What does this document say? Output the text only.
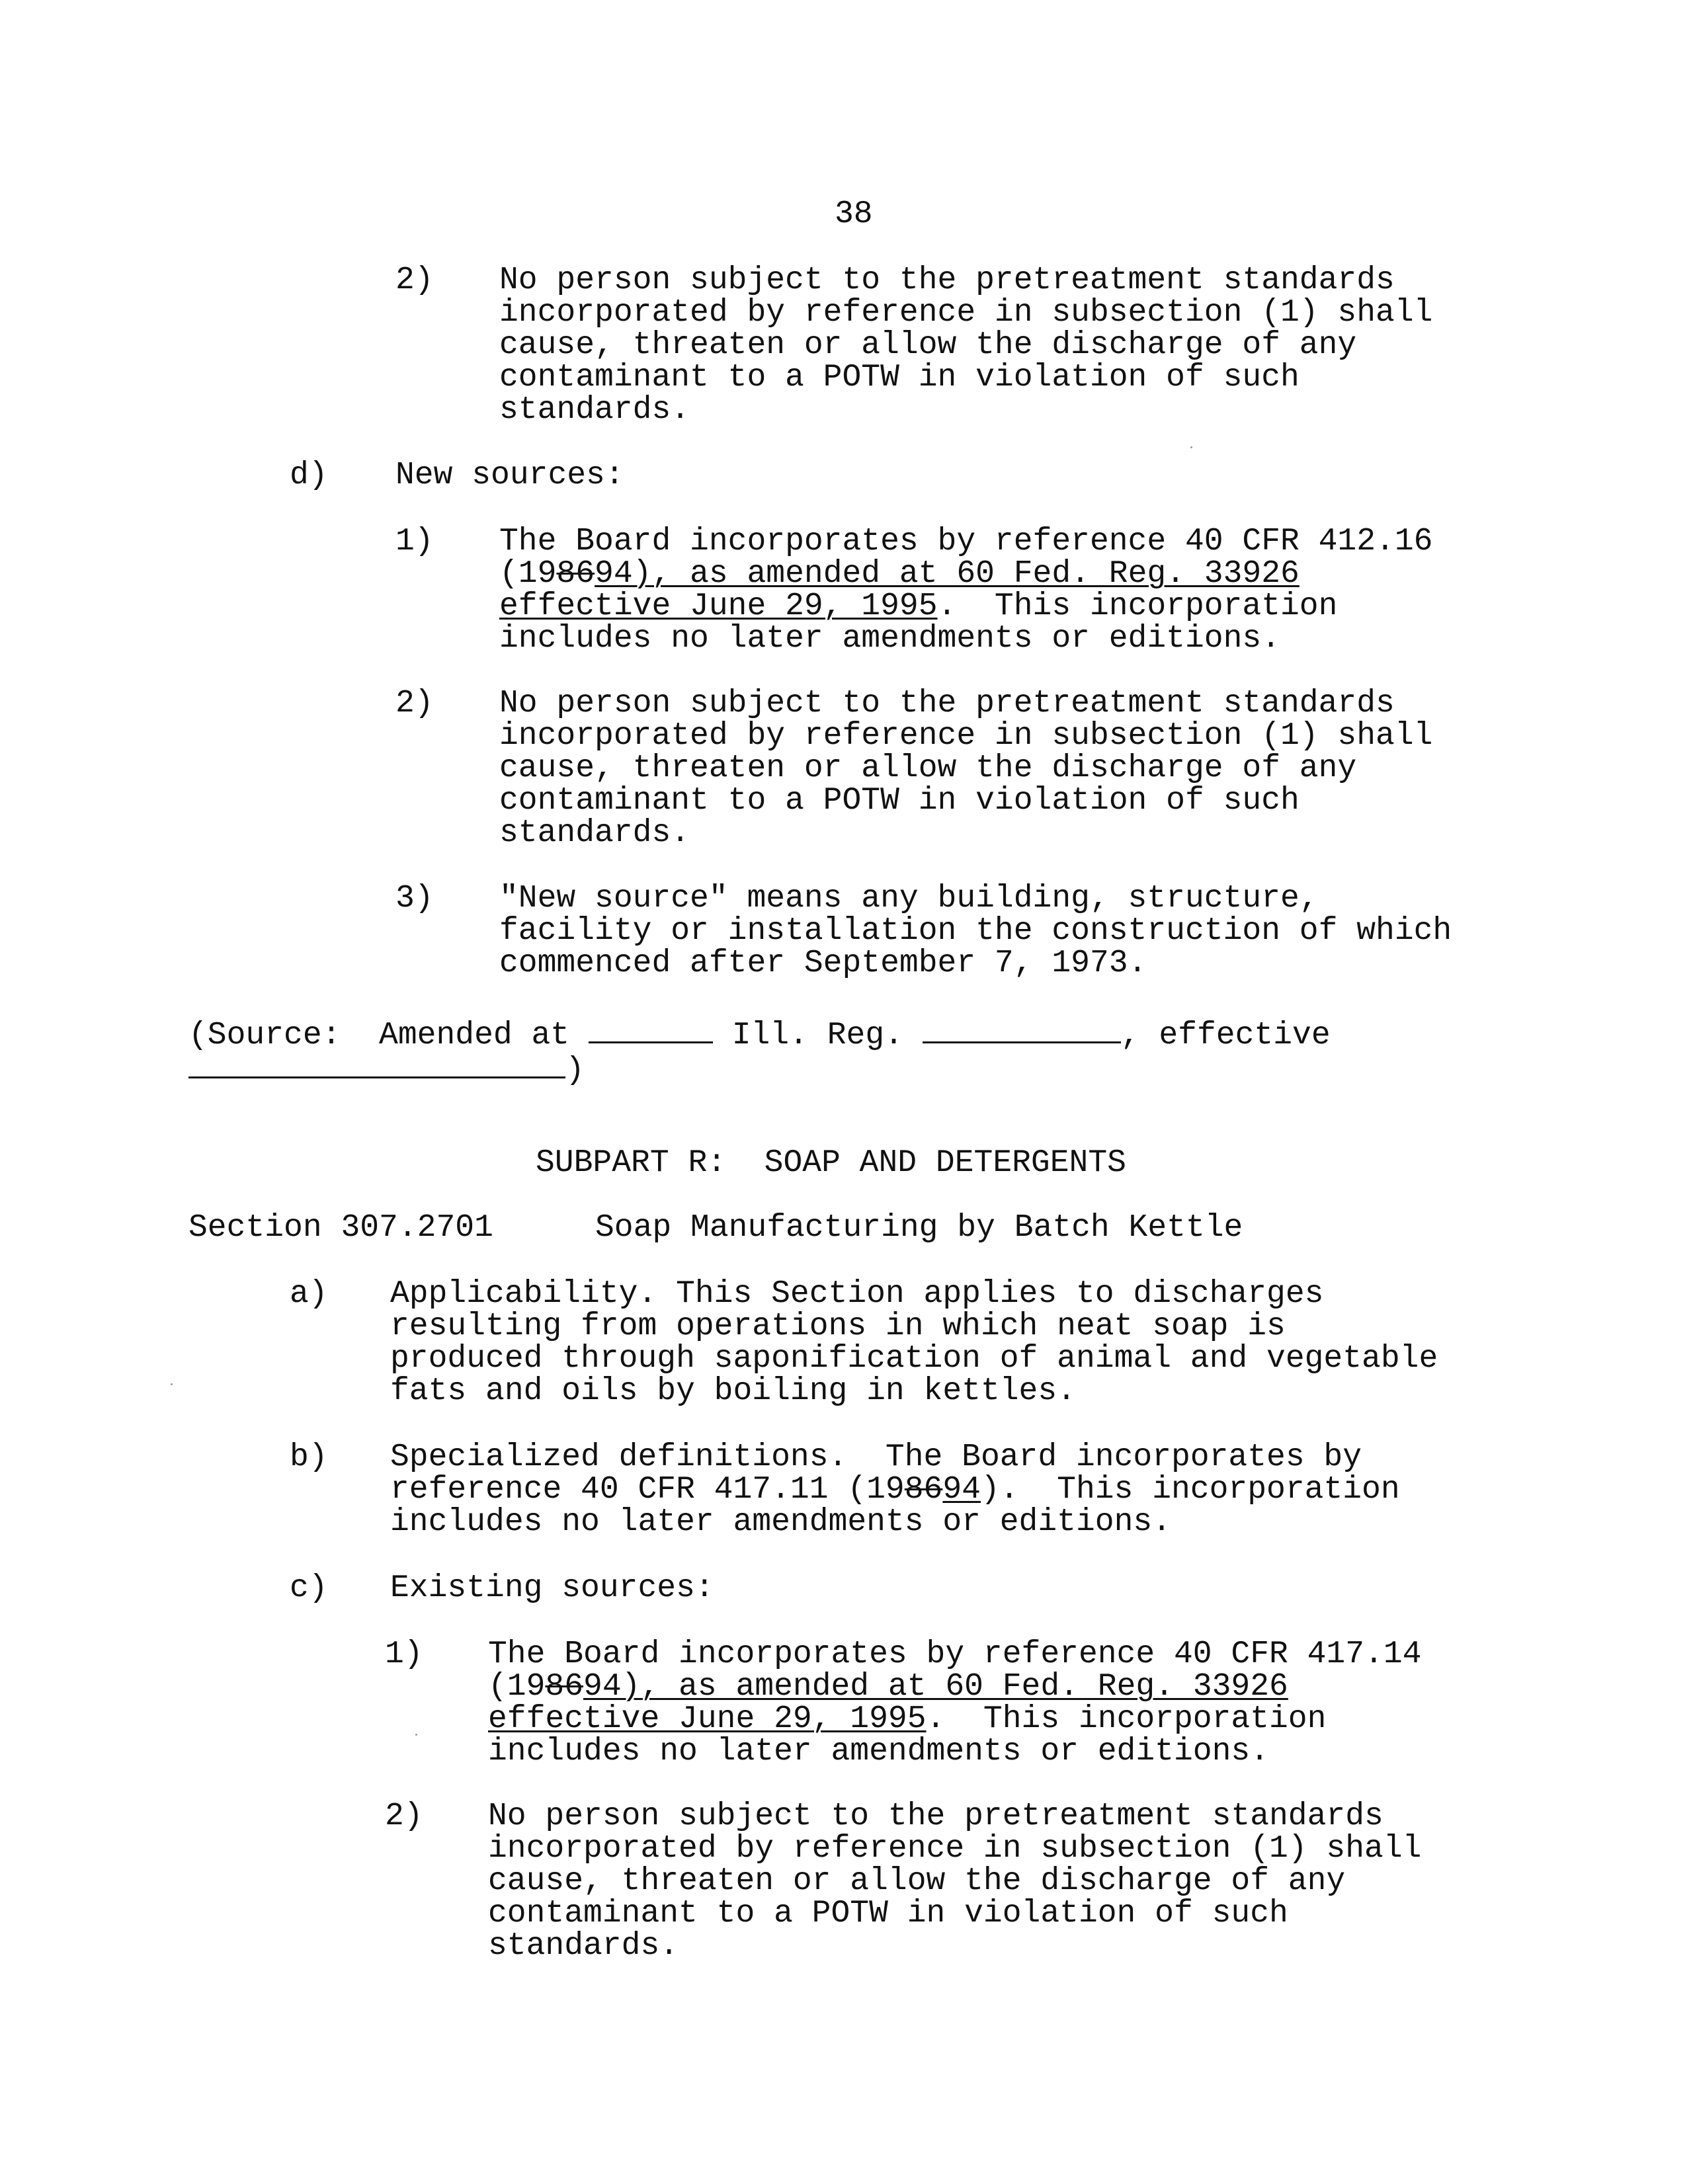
38
2) No person subject to the pretreatment standards
incorporated by reference in subsection (1) shall
cause, threaten or allow the discharge of any
contaminant to a POTW in violation of such
standards.
d) New sources:
1) The Board incorporates by reference 40 CFR 412.16
(198694), as amended at 60 Fed. Reg. 33926
effective June 29, 1995.  This incorporation
includes no later amendments or editions.
2) No person subject to the pretreatment standards
incorporated by reference in subsection (1) shall
cause, threaten or allow the discharge of any
contaminant to a POTW in violation of such
standards.
3) "New source" means any building, structure,
facility or installation the construction of which
commenced after September 7, 1973.
(Source:  Amended at	Ill. Reg.	, effective
)
SUBPART R:  SOAP AND DETERGENTS
Section 307.2701	Soap Manufacturing by Batch Kettle
a) Applicability. This Section applies to discharges
resulting from operations in which neat soap is
produced through saponification of animal and vegetable
fats and oils by boiling in kettles.
b) Specialized definitions.  The Board incorporates by
reference 40 CFR 417.11 (198694).  This incorporation
includes no later amendments or editions.
c) Existing sources:
1) The Board incorporates by reference 40 CFR 417.14
(198694), as amended at 60 Fed. Reg. 33926
effective June 29, 1995.  This incorporation
includes no later amendments or editions.
2) No person subject to the pretreatment standards
incorporated by reference in subsection (1) shall
cause, threaten or allow the discharge of any
contaminant to a POTW in violation of such
standards.
